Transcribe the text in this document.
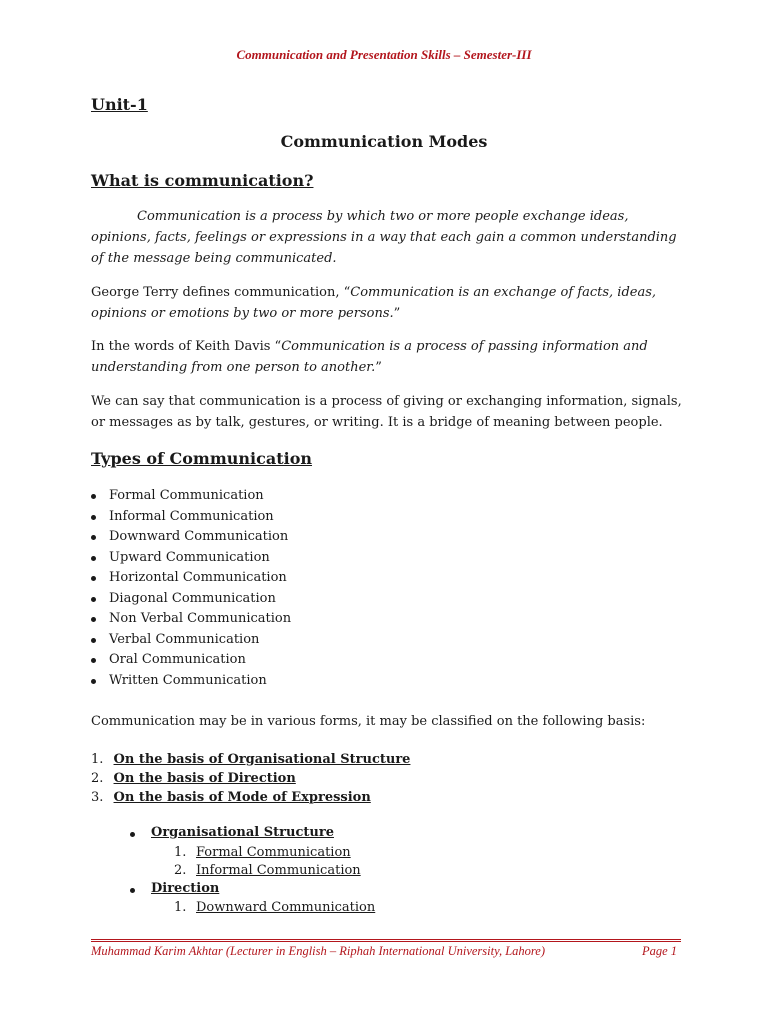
Communication and Presentation Skills – Semester-III
Unit-1
Communication Modes
What is communication?
Communication is a process by which two or more people exchange ideas, opinions, facts, feelings or expressions in a way that each gain a common understanding of the message being communicated.
George Terry defines communication, “Communication is an exchange of facts, ideas, opinions or emotions by two or more persons.”
In the words of Keith Davis “Communication is a process of passing information and understanding from one person to another.”
We can say that communication is a process of giving or exchanging information, signals, or messages as by talk, gestures, or writing. It is a bridge of meaning between people.
Types of Communication
Formal Communication
Informal Communication
Downward Communication
Upward Communication
Horizontal Communication
Diagonal Communication
Non Verbal Communication
Verbal Communication
Oral Communication
Written Communication
Communication may be in various forms, it may be classified on the following basis:
1. On the basis of Organisational Structure
2. On the basis of Direction
3. On the basis of Mode of Expression
Organisational Structure
1. Formal Communication
2. Informal Communication
Direction
1. Downward Communication
Muhammad Karim Akhtar (Lecturer in English – Riphah International University, Lahore)	Page 1
